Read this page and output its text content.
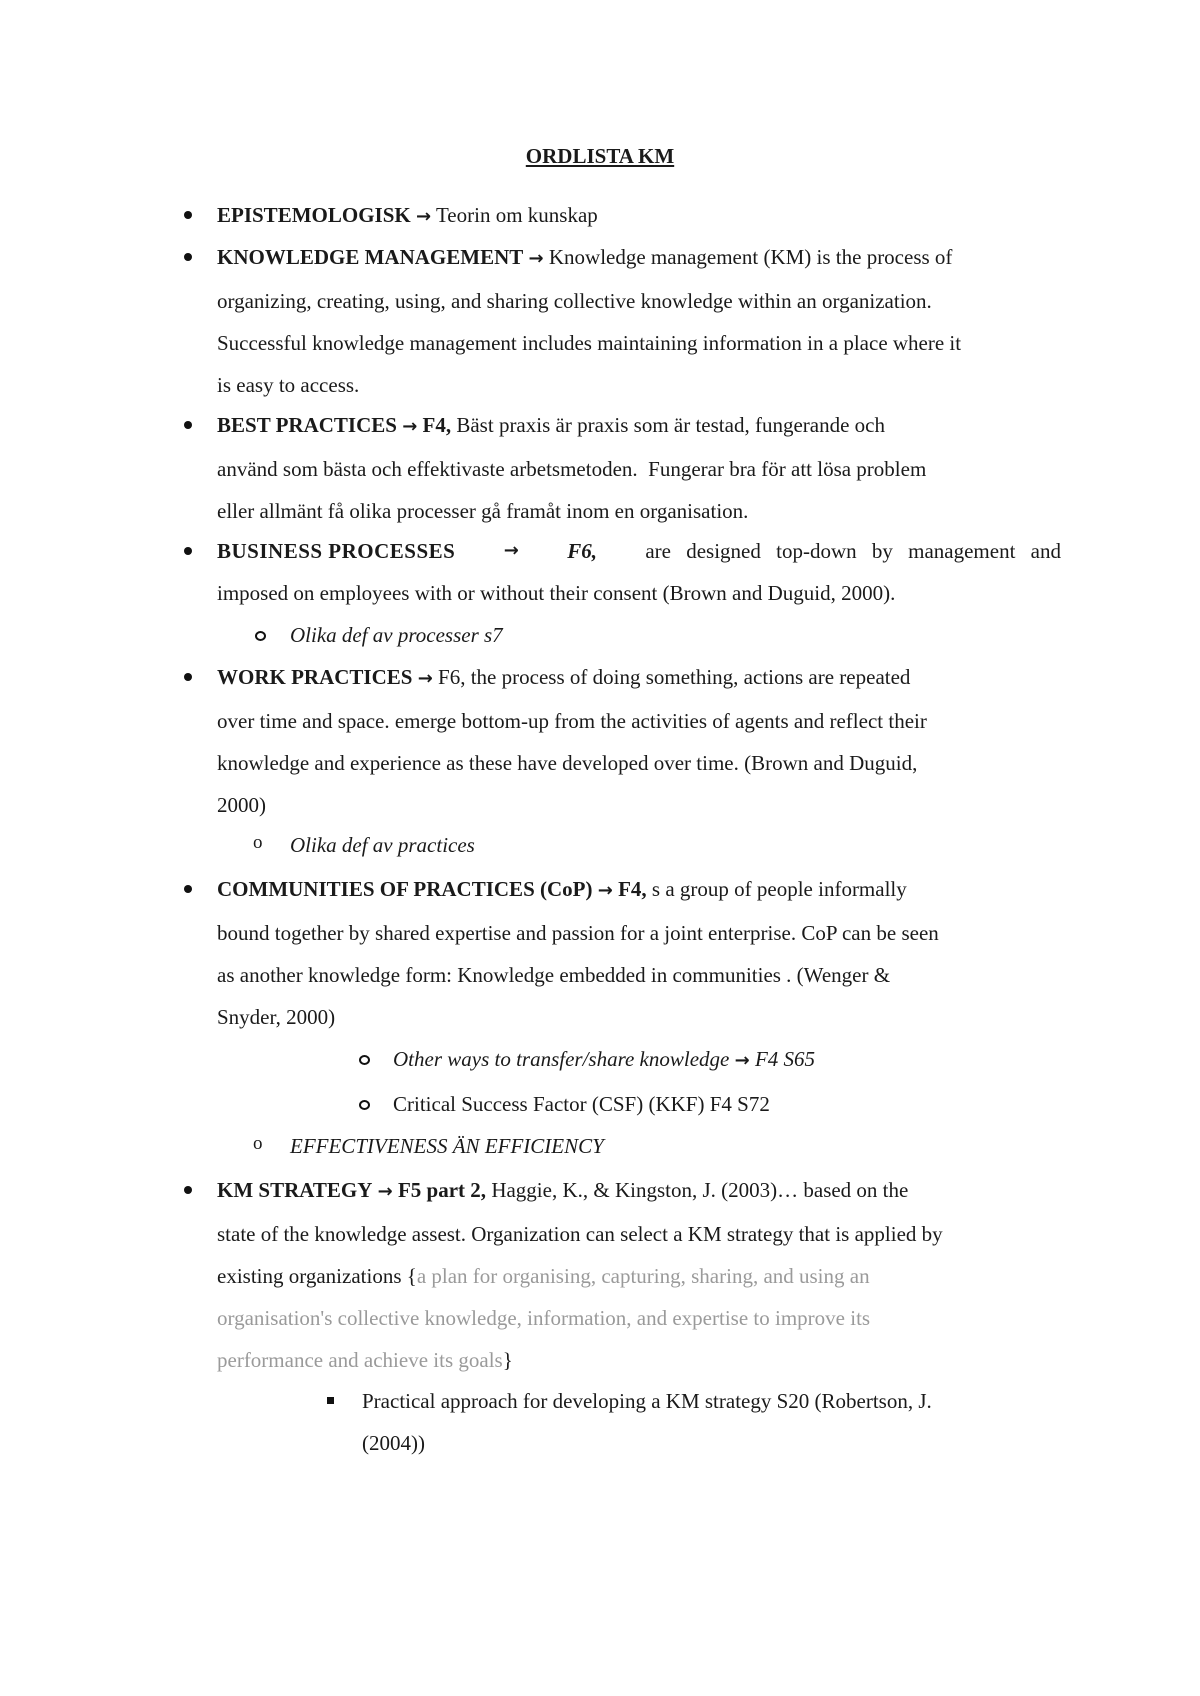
ORDLISTA KM
EPISTEMOLOGISK → Teorin om kunskap
KNOWLEDGE MANAGEMENT → Knowledge management (KM) is the process of
organizing, creating, using, and sharing collective knowledge within an organization.
Successful knowledge management includes maintaining information in a place where it
is easy to access.
BEST PRACTICES → F4, Bäst praxis är praxis som är testad, fungerande och
använd som bästa och effektivaste arbetsmetoden.  Fungerar bra för att lösa problem
eller allmänt få olika processer gå framåt inom en organisation.
BUSINESS PROCESSES	→ F6, are designed top-down by management and
imposed on employees with or without their consent (Brown and Duguid, 2000).
Olika def av processer s7
WORK PRACTICES → F6, the process of doing something, actions are repeated
over time and space. emerge bottom-up from the activities of agents and reflect their
knowledge and experience as these have developed over time. (Brown and Duguid,
2000)
o Olika def av practices
COMMUNITIES OF PRACTICES (CoP) → F4, s a group of people informally
bound together by shared expertise and passion for a joint enterprise. CoP can be seen
as another knowledge form: Knowledge embedded in communities . (Wenger &
Snyder, 2000)
Other ways to transfer/share knowledge → F4 S65
Critical Success Factor (CSF) (KKF) F4 S72
o EFFECTIVENESS ÄN EFFICIENCY
KM STRATEGY → F5 part 2, Haggie, K., & Kingston, J. (2003)… based on the
state of the knowledge assest. Organization can select a KM strategy that is applied by
existing organizations {a plan for organising, capturing, sharing, and using an
organisation's collective knowledge, information, and expertise to improve its
performance and achieve its goals}
Practical approach for developing a KM strategy S20 (Robertson, J.
(2004))
